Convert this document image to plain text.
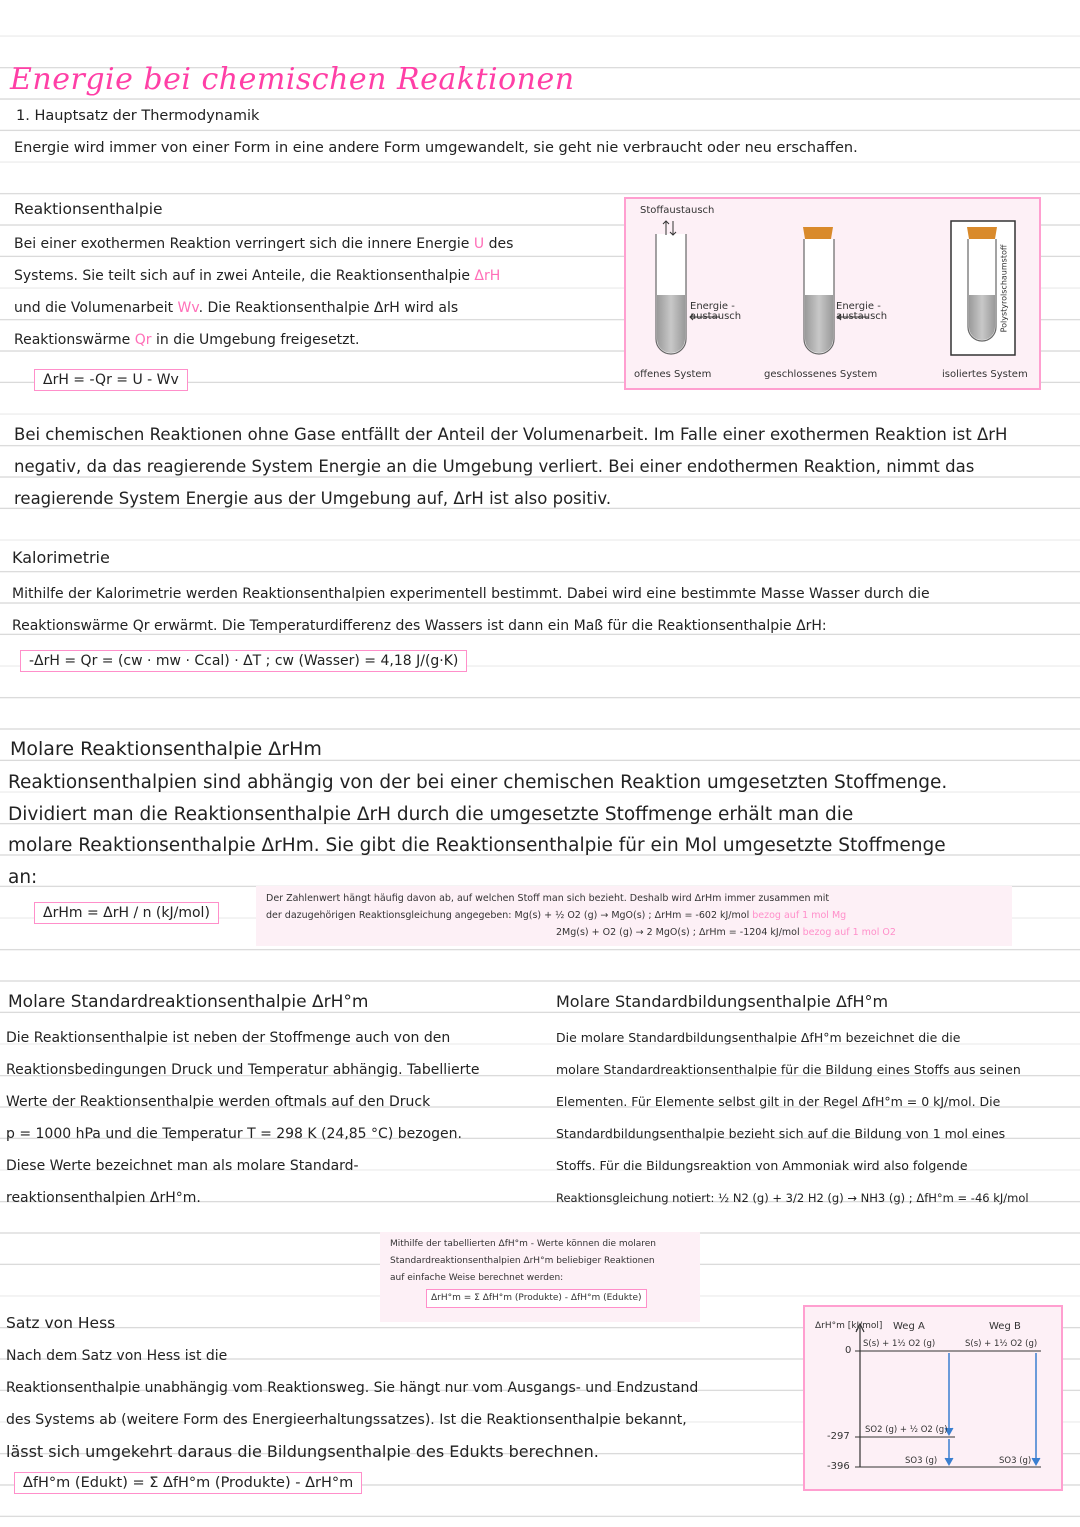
Energie bei chemischen Reaktionen
1. Hauptsatz der Thermodynamik
Energie wird immer von einer Form in eine andere Form umgewandelt, sie geht nie verbraucht oder neu erschaffen.
Reaktionsenthalpie
Bei einer exothermen Reaktion verringert sich die innere Energie U des
Systems. Sie teilt sich auf in zwei Anteile, die Reaktionsenthalpie ΔrH
und die Volumenarbeit Wv. Die Reaktionsenthalpie ΔrH wird als
Reaktionswärme Qr in die Umgebung freigesetzt.
ΔrH = -Qr = U - Wv
Stoffaustausch
Energie - austausch
Energie - austausch	Polystyrolschaumstoff
offenes System	geschlossenes System	isoliertes System
Bei chemischen Reaktionen ohne Gase entfällt der Anteil der Volumenarbeit. Im Falle einer exothermen Reaktion ist ΔrH
negativ, da das reagierende System Energie an die Umgebung verliert. Bei einer endothermen Reaktion, nimmt das
reagierende System Energie aus der Umgebung auf, ΔrH ist also positiv.
Kalorimetrie
Mithilfe der Kalorimetrie werden Reaktionsenthalpien experimentell bestimmt. Dabei wird eine bestimmte Masse Wasser durch die
Reaktionswärme Qr erwärmt. Die Temperaturdifferenz des Wassers ist dann ein Maß für die Reaktionsenthalpie ΔrH:
-ΔrH = Qr = (cw · mw · Ccal) · ΔT ; cw (Wasser) = 4,18 J/(g·K)
Molare Reaktionsenthalpie ΔrHm
Reaktionsenthalpien sind abhängig von der bei einer chemischen Reaktion umgesetzten Stoffmenge.
Dividiert man die Reaktionsenthalpie ΔrH durch die umgesetzte Stoffmenge erhält man die
molare Reaktionsenthalpie ΔrHm. Sie gibt die Reaktionsenthalpie für ein Mol umgesetzte Stoffmenge
an:
ΔrHm = ΔrH / n (kJ/mol)
Der Zahlenwert hängt häufig davon ab, auf welchen Stoff man sich bezieht. Deshalb wird ΔrHm immer zusammen mit
der dazugehörigen Reaktionsgleichung angegeben: Mg(s) + ½ O2 (g) → MgO(s) ; ΔrHm = -602 kJ/mol bezog auf 1 mol Mg
2Mg(s) + O2 (g) → 2 MgO(s) ; ΔrHm = -1204 kJ/mol bezog auf 1 mol O2
Molare Standardreaktionsenthalpie ΔrH°m
Die Reaktionsenthalpie ist neben der Stoffmenge auch von den
Reaktionsbedingungen Druck und Temperatur abhängig. Tabellierte
Werte der Reaktionsenthalpie werden oftmals auf den Druck
p = 1000 hPa und die Temperatur T = 298 K (24,85 °C) bezogen.
Diese Werte bezeichnet man als molare Standard-
reaktionsenthalpien ΔrH°m.
Molare Standardbildungsenthalpie ΔfH°m
Die molare Standardbildungsenthalpie ΔfH°m bezeichnet die die
molare Standardreaktionsenthalpie für die Bildung eines Stoffs aus seinen
Elementen. Für Elemente selbst gilt in der Regel ΔfH°m = 0 kJ/mol. Die
Standardbildungsenthalpie bezieht sich auf die Bildung von 1 mol eines
Stoffs. Für die Bildungsreaktion von Ammoniak wird also folgende
Reaktionsgleichung notiert: ½ N2 (g) + 3/2 H2 (g) → NH3 (g) ; ΔfH°m = -46 kJ/mol
Mithilfe der tabellierten ΔfH°m - Werte können die molaren
Standardreaktionsenthalpien ΔrH°m beliebiger Reaktionen
auf einfache Weise berechnet werden:
ΔrH°m = Σ ΔfH°m (Produkte) - ΔfH°m (Edukte)
Satz von Hess
Nach dem Satz von Hess ist die
Reaktionsenthalpie unabhängig vom Reaktionsweg. Sie hängt nur vom Ausgangs- und Endzustand
des Systems ab (weitere Form des Energieerhaltungssatzes). Ist die Reaktionsenthalpie bekannt,
lässt sich umgekehrt daraus die Bildungsenthalpie des Edukts berechnen.
ΔfH°m (Edukt) = Σ ΔfH°m (Produkte) - ΔrH°m
ΔrH°m [kJ/mol] Weg A	Weg B
0
-297
-396
S(s) + 1½ O2 (g)	S(s) + 1½ O2 (g)
SO2 (g) + ½ O2 (g)
SO3 (g)	SO3 (g)
